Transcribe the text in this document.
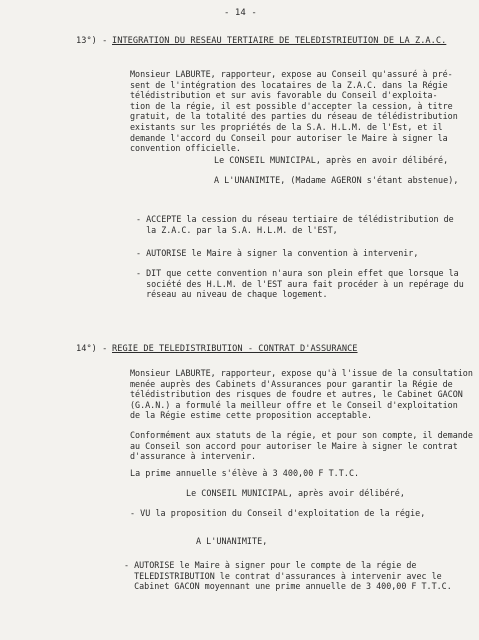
- 14 -
13°) - INTEGRATION DU RESEAU TERTIAIRE DE TELEDISTRIEUTION DE LA Z.A.C.
Monsieur LABURTE, rapporteur, expose au Conseil qu'assuré à pré-
sent de l'intégration des locataires de la Z.A.C. dans la Régie
télédistribution et sur avis favorable du Conseil d'exploita-
tion de la régie, il est possible d'accepter la cession, à titre
gratuit, de la totalité des parties du réseau de télédistribution
existants sur les propriétés de la S.A. H.L.M. de l'Est, et il
demande l'accord du Conseil pour autoriser le Maire à signer la
convention officielle.
Le CONSEIL MUNICIPAL, après en avoir délibéré,
A L'UNANIMITE, (Madame AGERON s'étant abstenue),
- ACCEPTE la cession du réseau tertiaire de télédistribution de
la Z.A.C. par la S.A. H.L.M. de l'EST,
- AUTORISE le Maire à signer la convention à intervenir,
- DIT que cette convention n'aura son plein effet que lorsque la
société des H.L.M. de l'EST aura fait procéder à un repérage du
réseau au niveau de chaque logement.
14°) - REGIE DE TELEDISTRIBUTION - CONTRAT D'ASSURANCE
Monsieur LABURTE, rapporteur, expose qu'à l'issue de la consultation
menée auprès des Cabinets d'Assurances pour garantir la Régie de
télédistribution des risques de foudre et autres, le Cabinet GACON
(G.A.N.) a formulé la meilleur offre et le Conseil d'exploitation
de la Régie estime cette proposition acceptable.
Conformément aux statuts de la régie, et pour son compte, il demande
au Conseil son accord pour autoriser le Maire à signer le contrat
d'assurance à intervenir.
La prime annuelle s'élève à 3 400,00 F T.T.C.
Le CONSEIL MUNICIPAL, après avoir délibéré,
- VU la proposition du Conseil d'exploitation de la régie,
A L'UNANIMITE,
- AUTORISE le Maire à signer pour le compte de la régie de
TELEDISTRIBUTION le contrat d'assurances à intervenir avec le
Cabinet GACON moyennant une prime annuelle de 3 400,00 F T.T.C.
